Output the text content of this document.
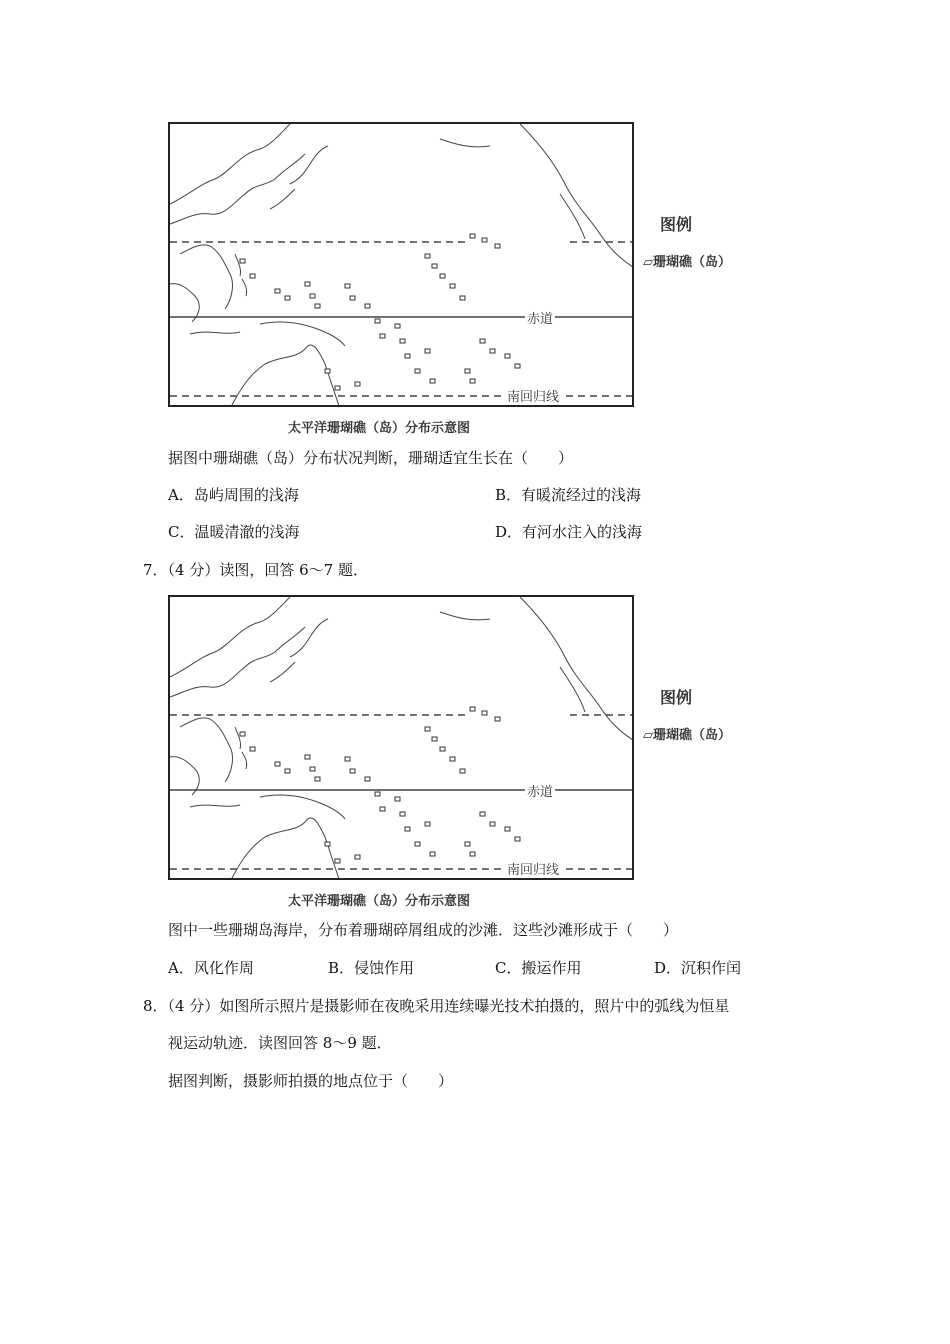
赤道
南回归线
图例
▱珊瑚礁（岛）
太平洋珊瑚礁（岛）分布示意图
据图中珊瑚礁（岛）分布状况判断，珊瑚适宜生长在（　　）
A．岛屿周围的浅海	B．有暖流经过的浅海
C．温暖清澈的浅海	D．有河水注入的浅海
7．（4 分）读图，回答 6～7 题．
赤道
南回归线
图例
▱珊瑚礁（岛）
太平洋珊瑚礁（岛）分布示意图
图中一些珊瑚岛海岸，分布着珊瑚碎屑组成的沙滩．这些沙滩形成于（　　）
A．风化作周	B．侵蚀作用	C．搬运作用	D．沉积作闰
8．（4 分）如图所示照片是摄影师在夜晚采用连续曝光技术拍摄的，照片中的弧线为恒星
视运动轨迹．读图回答 8～9 题．
据图判断，摄影师拍摄的地点位于（　　）
